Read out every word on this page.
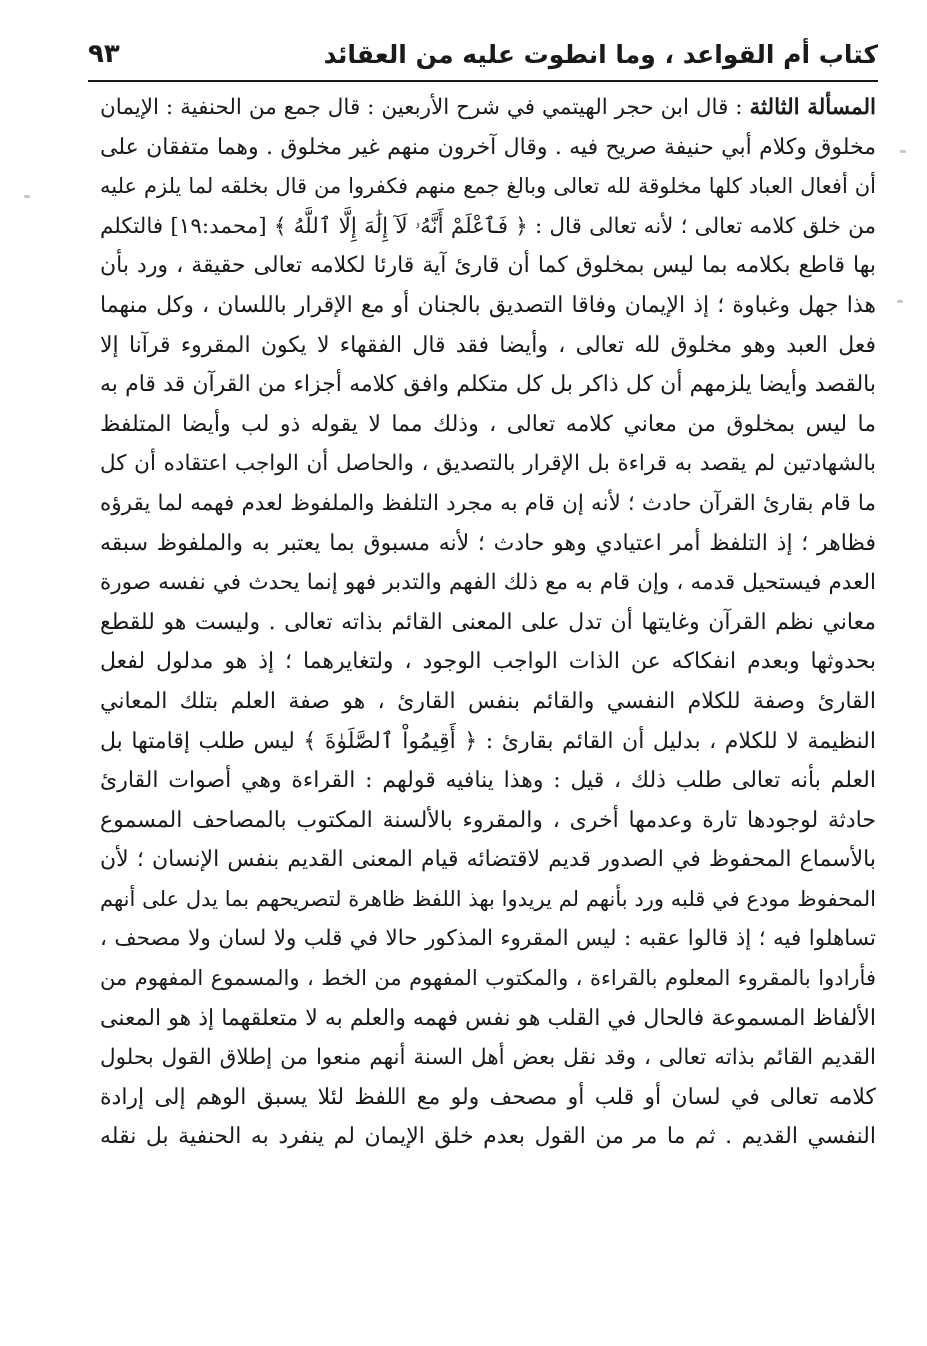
كتاب أم القواعد ، وما انطوت عليه من العقائد
٩٣
المسألة الثالثة : قال ابن حجر الهيتمي في شرح الأربعين : قال جمع من الحنفية : الإيمان
مخلوق وكلام أبي حنيفة صريح فيه . وقال آخرون منهم غير مخلوق . وهما متفقان على
أن أفعال العباد كلها مخلوقة لله تعالى وبالغ جمع منهم فكفروا من قال بخلقه لما يلزم عليه
من خلق كلامه تعالى ؛ لأنه تعالى قال : ﴿ فَٱعْلَمْ أَنَّهُۥ لَآ إِلَٰهَ إِلَّا ٱللَّهُ ﴾ [محمد:١٩] فالتكلم
بها قاطع بكلامه بما ليس بمخلوق كما أن قارئ آية قارئا لكلامه تعالى حقيقة ، ورد بأن
هذا جهل وغباوة ؛ إذ الإيمان وفاقا التصديق بالجنان أو مع الإقرار باللسان ، وكل منهما
فعل العبد وهو مخلوق لله تعالى ، وأيضا فقد قال الفقهاء لا يكون المقروء قرآنا إلا
بالقصد وأيضا يلزمهم أن كل ذاكر بل كل متكلم وافق كلامه أجزاء من القرآن قد قام به
ما ليس بمخلوق من معاني كلامه تعالى ، وذلك مما لا يقوله ذو لب وأيضا المتلفظ
بالشهادتين لم يقصد به قراءة بل الإقرار بالتصديق ، والحاصل أن الواجب اعتقاده أن كل
ما قام بقارئ القرآن حادث ؛ لأنه إن قام به مجرد التلفظ والملفوظ لعدم فهمه لما يقرؤه
فظاهر ؛ إذ التلفظ أمر اعتيادي وهو حادث ؛ لأنه مسبوق بما يعتبر به والملفوظ سبقه
العدم فيستحيل قدمه ، وإن قام به مع ذلك الفهم والتدبر فهو إنما يحدث في نفسه صورة
معاني نظم القرآن وغايتها أن تدل على المعنى القائم بذاته تعالى . وليست هو للقطع
بحدوثها وبعدم انفكاكه عن الذات الواجب الوجود ، ولتغايرهما ؛ إذ هو مدلول لفعل
القارئ وصفة للكلام النفسي والقائم بنفس القارئ ، هو صفة العلم بتلك المعاني
النظيمة لا للكلام ، بدليل أن القائم بقارئ : ﴿ أَقِيمُواْ ٱلصَّلَوٰةَ ﴾ ليس طلب إقامتها بل
العلم بأنه تعالى طلب ذلك ، قيل : وهذا ينافيه قولهم : القراءة وهي أصوات القارئ
حادثة لوجودها تارة وعدمها أخرى ، والمقروء بالألسنة المكتوب بالمصاحف المسموع
بالأسماع المحفوظ في الصدور قديم لاقتضائه قيام المعنى القديم بنفس الإنسان ؛ لأن
المحفوظ مودع في قلبه ورد بأنهم لم يريدوا بهذ اللفظ ظاهرة لتصريحهم بما يدل على أنهم
تساهلوا فيه ؛ إذ قالوا عقبه : ليس المقروء المذكور حالا في قلب ولا لسان ولا مصحف ،
فأرادوا بالمقروء المعلوم بالقراءة ، والمكتوب المفهوم من الخط ، والمسموع المفهوم من
الألفاظ المسموعة فالحال في القلب هو نفس فهمه والعلم به لا متعلقهما إذ هو المعنى
القديم القائم بذاته تعالى ، وقد نقل بعض أهل السنة أنهم منعوا من إطلاق القول بحلول
كلامه تعالى في لسان أو قلب أو مصحف ولو مع اللفظ لئلا يسبق الوهم إلى إرادة
النفسي القديم . ثم ما مر من القول بعدم خلق الإيمان لم ينفرد به الحنفية بل نقله
